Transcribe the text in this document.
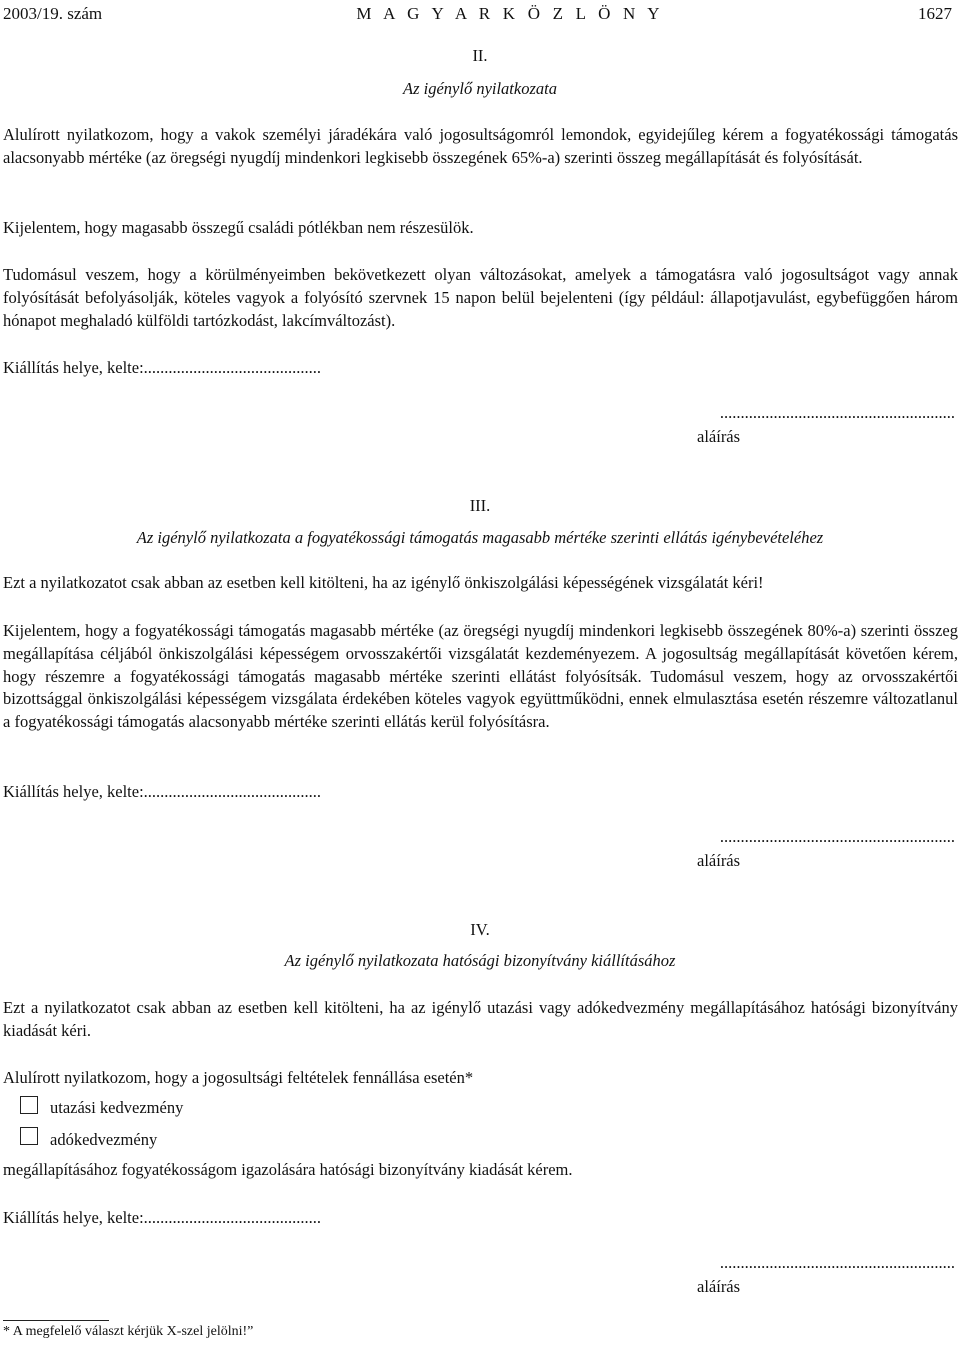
2003/19. szám	M A G Y A R K Ö Z L Ö N Y	1627
II.
Az igénylő nyilatkozata

Alulírott nyilatkozom, hogy a vakok személyi járadékára való jogosultságomról lemondok, egyidejűleg kérem a fogyatékossági támogatás alacsonyabb mértéke (az öregségi nyugdíj mindenkori legkisebb összegének 65%-a) szerinti összeg megállapítását és folyósítását.

Kijelentem, hogy magasabb összegű családi pótlékban nem részesülök.

Tudomásul veszem, hogy a körülményeimben bekövetkezett olyan változásokat, amelyek a támogatásra való jogosultságot vagy annak folyósítását befolyásolják, köteles vagyok a folyósító szervnek 15 napon belül bejelenteni (így például: állapotjavulást, egybefüggően három hónapot meghaladó külföldi tartózkodást, lakcímváltozást).

Kiállítás helye, kelte:...........................................

.........................................................
aláírás
III.
Az igénylő nyilatkozata a fogyatékossági támogatás magasabb mértéke szerinti ellátás igénybevételéhez

Ezt a nyilatkozatot csak abban az esetben kell kitölteni, ha az igénylő önkiszolgálási képességének vizsgálatát kéri!

Kijelentem, hogy a fogyatékossági támogatás magasabb mértéke (az öregségi nyugdíj mindenkori legkisebb összegének 80%-a) szerinti összeg megállapítása céljából önkiszolgálási képességem orvosszakértői vizsgálatát kezdeményezem. A jogosultság megállapítását követően kérem, hogy részemre a fogyatékossági támogatás magasabb mértéke szerinti ellátást folyósítsák. Tudomásul veszem, hogy az orvosszakértői bizottsággal önkiszolgálási képességem vizsgálata érdekében köteles vagyok együttműködni, ennek elmulasztása esetén részemre változatlanul a fogyatékossági támogatás alacsonyabb mértéke szerinti ellátás kerül folyósításra.

Kiállítás helye, kelte:...........................................

.........................................................
aláírás
IV.
Az igénylő nyilatkozata hatósági bizonyítvány kiállításához

Ezt a nyilatkozatot csak abban az esetben kell kitölteni, ha az igénylő utazási vagy adókedvezmény megállapításához hatósági bizonyítvány kiadását kéri.

Alulírott nyilatkozom, hogy a jogosultsági feltételek fennállása esetén*

utazási kedvezmény
adókedvezmény

megállapításához fogyatékosságom igazolására hatósági bizonyítvány kiadását kérem.

Kiállítás helye, kelte:...........................................

.........................................................
aláírás
* A megfelelő választ kérjük X-szel jelölni!”
